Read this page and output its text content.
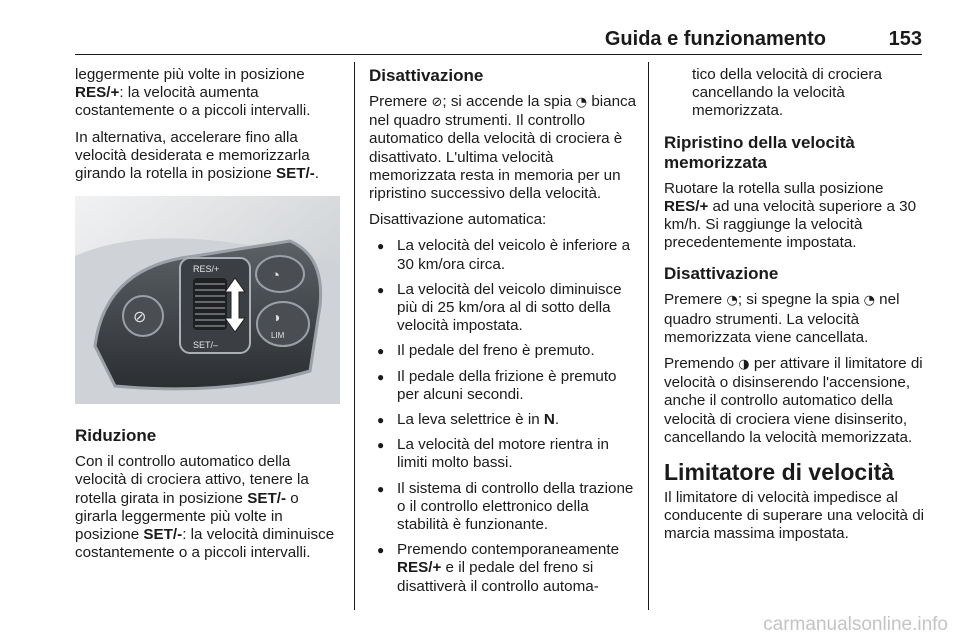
Guida e funzionamento	153

leggermente più volte in posizione RES/+: la velocità aumenta costantemente o a piccoli intervalli.

In alternativa, accelerare fino alla velocità desiderata e memorizzarla girando la rotella in posizione SET/-.

RES/+
SET/–
⊘
◔
◑
LIM
Riduzione

Con il controllo automatico della velocità di crociera attivo, tenere la rotella girata in posizione SET/- o girarla leggermente più volte in posizione SET/-: la velocità diminuisce costantemente o a piccoli intervalli.

Disattivazione

Premere ⊘; si accende la spia ◔ bianca nel quadro strumenti. Il controllo automatico della velocità di crociera è disattivato. L'ultima velocità memorizzata resta in memoria per un ripristino successivo della velocità.

Disattivazione automatica:

● La velocità del veicolo è inferiore a 30 km/ora circa.
● La velocità del veicolo diminuisce più di 25 km/ora al di sotto della velocità impostata.
● Il pedale del freno è premuto.
● Il pedale della frizione è premuto per alcuni secondi.
● La leva selettrice è in N.
● La velocità del motore rientra in limiti molto bassi.
● Il sistema di controllo della trazione o il controllo elettronico della stabilità è funzionante.
● Premendo contemporaneamente RES/+ e il pedale del freno si disattiverà il controllo automa-

tico della velocità di crociera cancellando la velocità memorizzata.

Ripristino della velocità memorizzata

Ruotare la rotella sulla posizione RES/+ ad una velocità superiore a 30 km/h. Si raggiunge la velocità precedentemente impostata.

Disattivazione

Premere ◔; si spegne la spia ◔ nel quadro strumenti. La velocità memorizzata viene cancellata.

Premendo ◑ per attivare il limitatore di velocità o disinserendo l'accensione, anche il controllo automatico della velocità di crociera viene disinserito, cancellando la velocità memorizzata.

Limitatore di velocità

Il limitatore di velocità impedisce al conducente di superare una velocità di marcia massima impostata.

carmanualsonline.info
